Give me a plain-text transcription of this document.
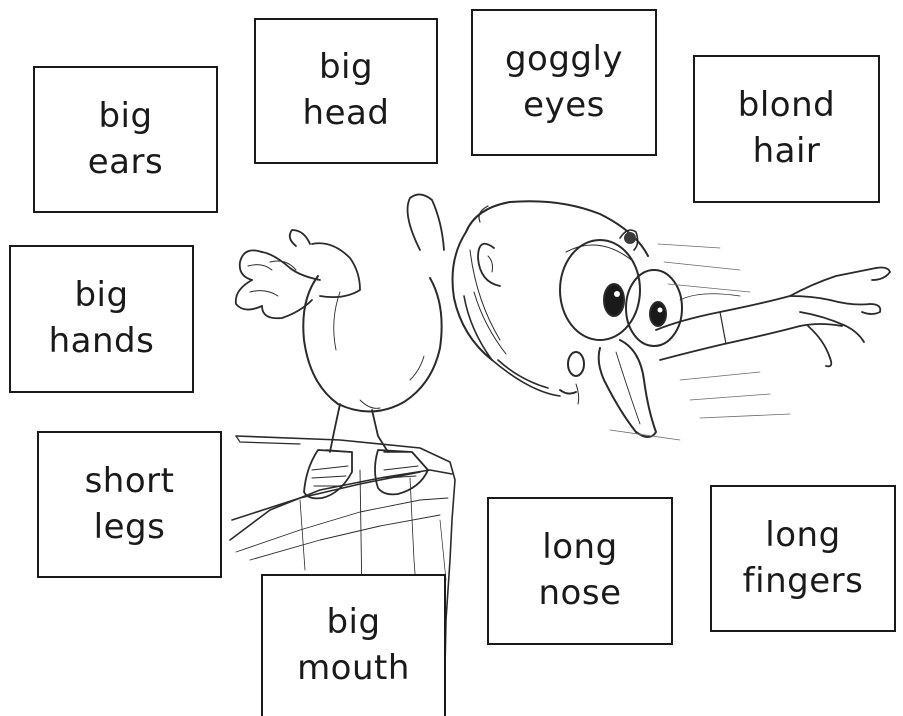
big
ears
big
head
goggly
eyes	blond
hair
big
hands
short
legs
long
nose
long
fingers
big
mouth
